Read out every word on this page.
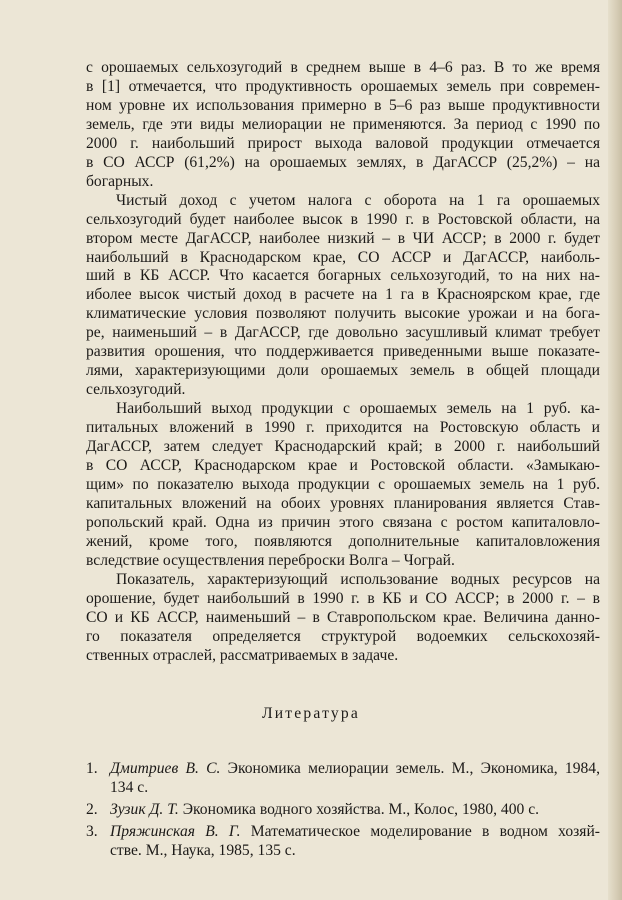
с орошаемых сельхозугодий в среднем выше в 4–6 раз. В то же время
в [1] отмечается, что продуктивность орошаемых земель при современ-
ном уровне их использования примерно в 5–6 раз выше продуктивности
земель, где эти виды мелиорации не применяются. За период с 1990 по
2000 г. наибольший прирост выхода валовой продукции отмечается
в СО АССР (61,2%) на орошаемых землях, в ДагАССР (25,2%) – на
богарных.
Чистый доход с учетом налога с оборота на 1 га орошаемых
сельхозугодий будет наиболее высок в 1990 г. в Ростовской области, на
втором месте ДагАССР, наиболее низкий – в ЧИ АССР; в 2000 г. будет
наибольший в Краснодарском крае, СО АССР и ДагАССР, наиболь-
ший в КБ АССР. Что касается богарных сельхозугодий, то на них на-
иболее высок чистый доход в расчете на 1 га в Красноярском крае, где
климатические условия позволяют получить высокие урожаи и на бога-
ре, наименьший – в ДагАССР, где довольно засушливый климат требует
развития орошения, что поддерживается приведенными выше показате-
лями, характеризующими доли орошаемых земель в общей площади
сельхозугодий.
Наибольший выход продукции с орошаемых земель на 1 руб. ка-
питальных вложений в 1990 г. приходится на Ростовскую область и
ДагАССР, затем следует Краснодарский край; в 2000 г. наибольший
в СО АССР, Краснодарском крае и Ростовской области. «Замыкаю-
щим» по показателю выхода продукции с орошаемых земель на 1 руб.
капитальных вложений на обоих уровнях планирования является Став-
ропольский край. Одна из причин этого связана с ростом капиталовло-
жений, кроме того, появляются дополнительные капиталовложения
вследствие осуществления переброски Волга – Чограй.
Показатель, характеризующий использование водных ресурсов на
орошение, будет наибольший в 1990 г. в КБ и СО АССР; в 2000 г. – в
СО и КБ АССР, наименьший – в Ставропольском крае. Величина данно-
го показателя определяется структурой водоемких сельскохозяй-
ственных отраслей, рассматриваемых в задаче.
Литература
1. Дмитриев В. С. Экономика мелиорации земель. М., Экономика, 1984,
134 с.
2. Зузик Д. Т. Экономика водного хозяйства. М., Колос, 1980, 400 с.
3. Пряжинская В. Г. Математическое моделирование в водном хозяй-
стве. М., Наука, 1985, 135 с.
